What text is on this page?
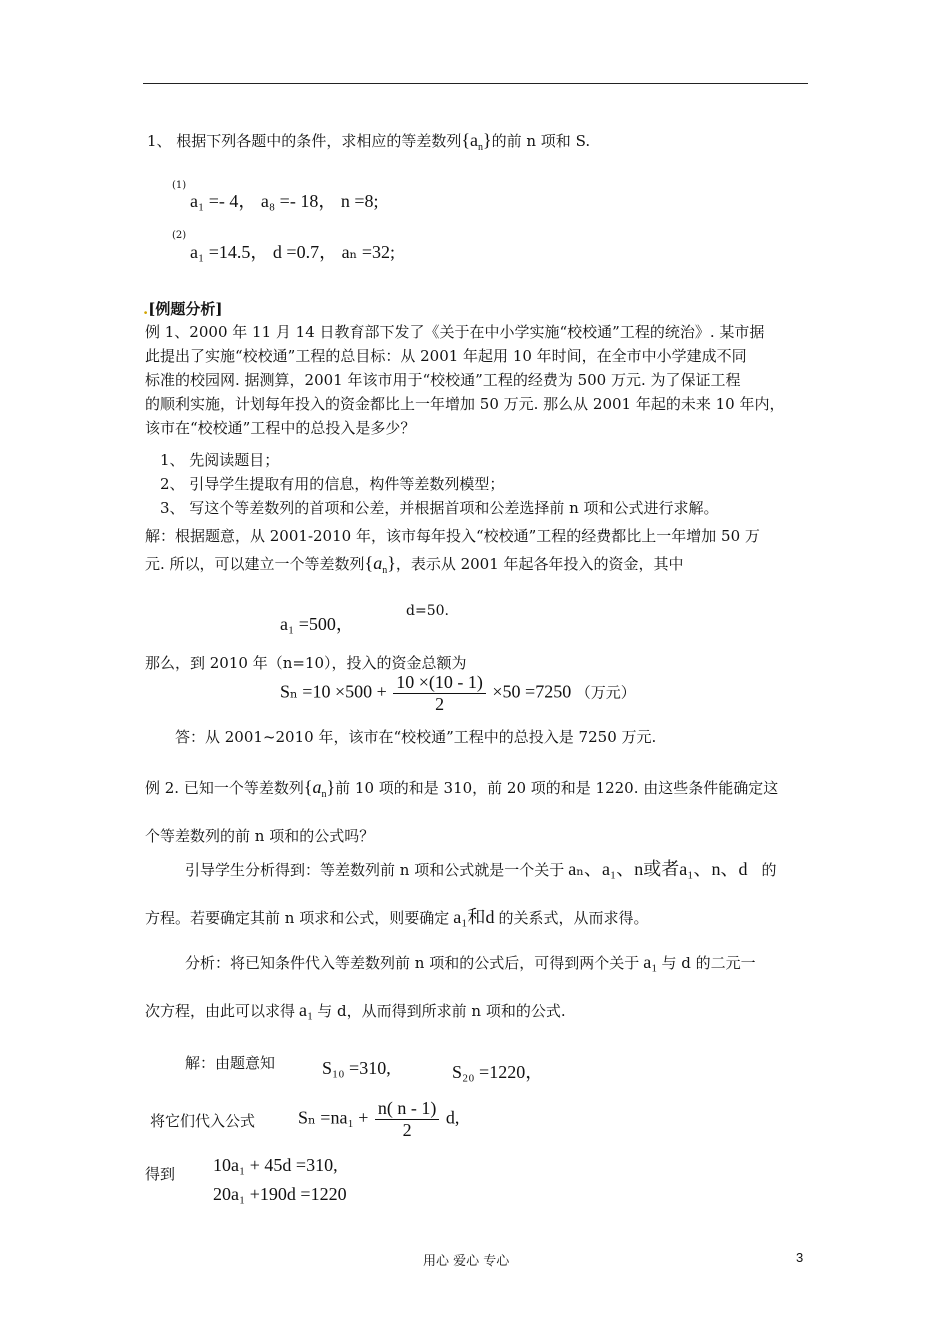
1、 根据下列各题中的条件，求相应的等差数列$\{a_n\}$的前 n 项和 S.
(1)
a₁ =- 4， a₈ =- 18， n =8;
(2)
a₁ =14.5， d =0.7， aₙ =32;
.[例题分析]
例 1、2000 年 11 月 14 日教育部下发了《关于在中小学实施“校校通”工程的统治》. 某市据
此提出了实施“校校通”工程的总目标：从 2001 年起用 10 年时间，在全市中小学建成不同
标准的校园网. 据测算，2001 年该市用于“校校通”工程的经费为 500 万元. 为了保证工程
的顺利实施，计划每年投入的资金都比上一年增加 50 万元. 那么从 2001 年起的未来 10 年内，
该市在“校校通”工程中的总投入是多少？
1、 先阅读题目；
2、 引导学生提取有用的信息，构件等差数列模型；
3、 写这个等差数列的首项和公差，并根据首项和公差选择前 n 项和公式进行求解。
解：根据题意，从 2001-2010 年，该市每年投入“校校通”工程的经费都比上一年增加 50 万
元. 所以，可以建立一个等差数列$\{a_n\}$，表示从 2001 年起各年投入的资金，其中
a₁ =500，
d=50.
那么，到 2010 年（n=10），投入的资金总额为
$S_n =10 \times 500 + \frac{10 \times(10 - 1)}{2} \times 50 =7250$ （万元）
答：从 2001~2010 年，该市在“校校通”工程中的总投入是 7250 万元.
例 2. 已知一个等差数列$\{a_n\}$前 10 项的和是 310，前 20 项的和是 1220. 由这些条件能确定这
个等差数列的前 n 项和的公式吗？
引导学生分析得到：等差数列前 n 项和公式就是一个关于 aₙ、a₁、n或者a₁、n、d 的
方程。若要确定其前 n 项求和公式，则要确定 a₁和d 的关系式，从而求得。
分析：将已知条件代入等差数列前 n 项和的公式后，可得到两个关于 a₁ 与 d 的二元一
次方程，由此可以求得 a₁ 与 d，从而得到所求前 n 项和的公式.
解：由题意知	S₁₀ =310,	S₂₀ =1220，
将它们代入公式 $S_n =na_1 + \frac{n( n - 1)}{2} d$,
得到 10a₁ + 45d =310,
20a₁ +190d =1220
用心 爱心 专心	3
